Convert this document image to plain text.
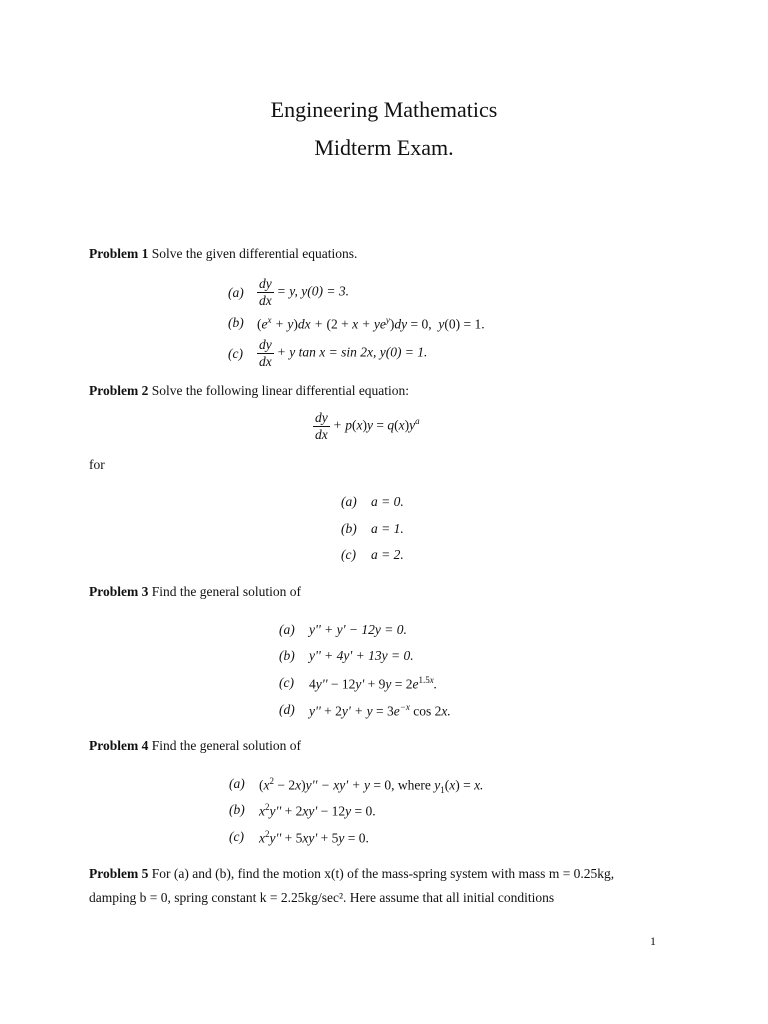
Engineering Mathematics
Midterm Exam.
Problem 1 Solve the given differential equations.
$(a) \frac{dy}{dx} = y$, y(0) = 3.
(b) $(e^x + y)dx + (2 + x + ye^y)dy = 0$,  y(0) = 1.
$(c) \frac{dy}{dx} + y$ tan x = sin 2x, y(0) = 1.
Problem 2 Solve the following linear differential equation:
$\frac{dy}{dx} + p(x)y = q(x)y^a$
for
(a) a = 0.
(b) a = 1.
(c) a = 2.
Problem 3 Find the general solution of
(a) y'' + y' − 12y = 0.
(b) y'' + 4y' + 13y = 0.
(c) $4y'' - 12y' + 9y = 2e^{1.5x}$.
(d) $y'' + 2y' + y = 3e^{-x}$ cos 2x.
Problem 4 Find the general solution of
(a) $(x^2 - 2x)y'' - xy' + y = 0$, where $y_1(x) = x$.
(b) $x^2y'' + 2xy' - 12y = 0$.
(c) $x^2y'' + 5xy' + 5y = 0$.
Problem 5 For (a) and (b), find the motion x(t) of the mass-spring system with mass m = 0.25kg, damping b = 0, spring constant k = 2.25kg/sec². Here assume that all initial conditions
1
